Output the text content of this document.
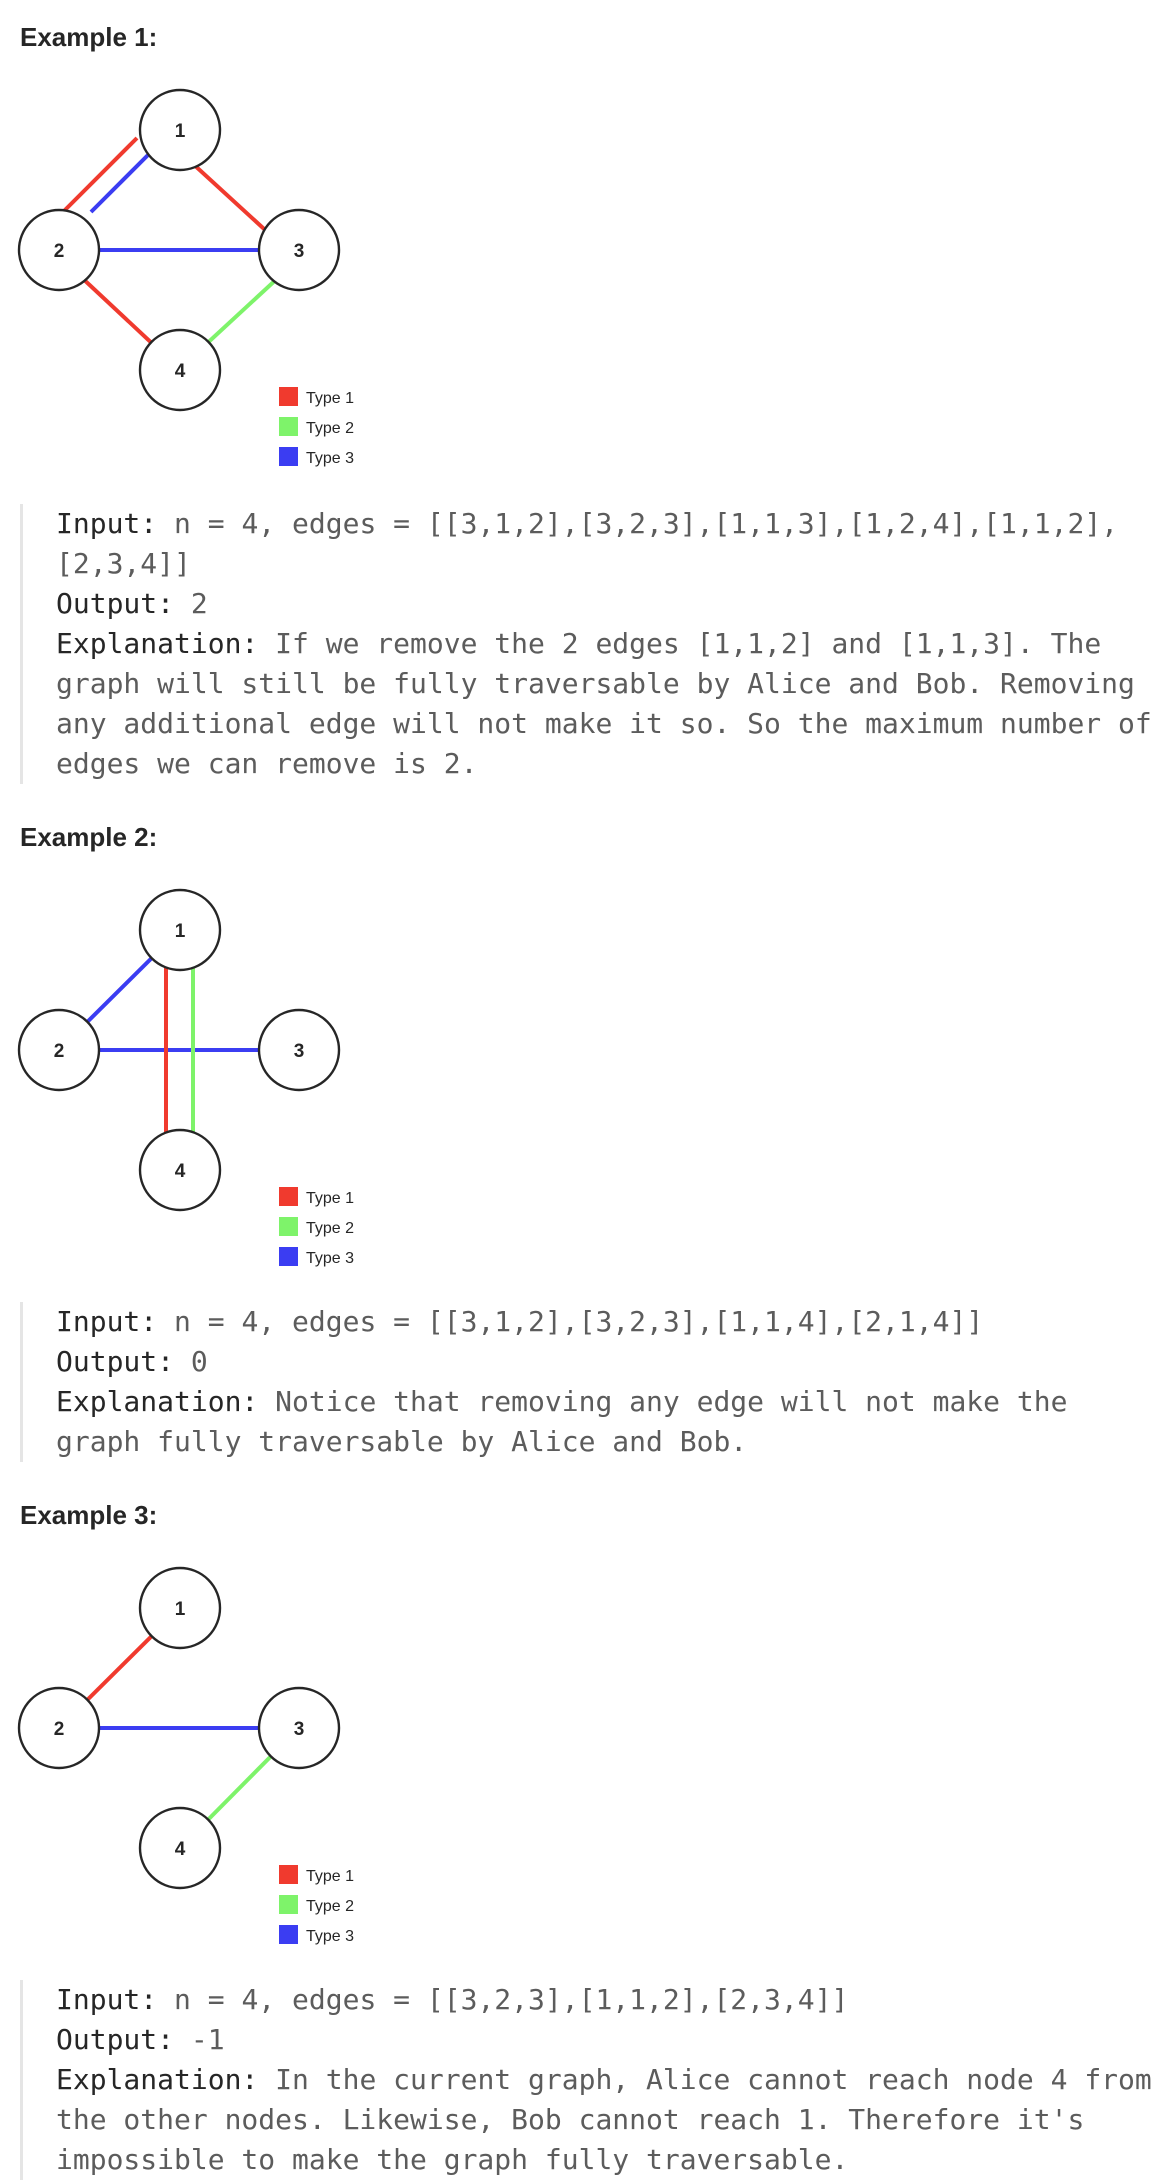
Example 1:
1
2	3
4
Type 1
Type 2
Type 3

Input: n = 4, edges = [[3,1,2],[3,2,3],[1,1,3],[1,2,4],[1,1,2],[2,3,4]]

Output: 2

Explanation: If we remove the 2 edges [1,1,2] and [1,1,3]. The graph will still be fully traversable by Alice and Bob. Removing any additional edge will not make it so. So the maximum number of edges we can remove is 2.

Example 2:
1
2	3
4
Type 1
Type 2
Type 3

Input: n = 4, edges = [[3,1,2],[3,2,3],[1,1,4],[2,1,4]]

Output: 0

Explanation: Notice that removing any edge will not make the graph fully traversable by Alice and Bob.

Example 3:
1
2	3
4
Type 1
Type 2
Type 3

Input: n = 4, edges = [[3,2,3],[1,1,2],[2,3,4]]

Output: -1

Explanation: In the current graph, Alice cannot reach node 4 from the other nodes. Likewise, Bob cannot reach 1. Therefore it's impossible to make the graph fully traversable.
